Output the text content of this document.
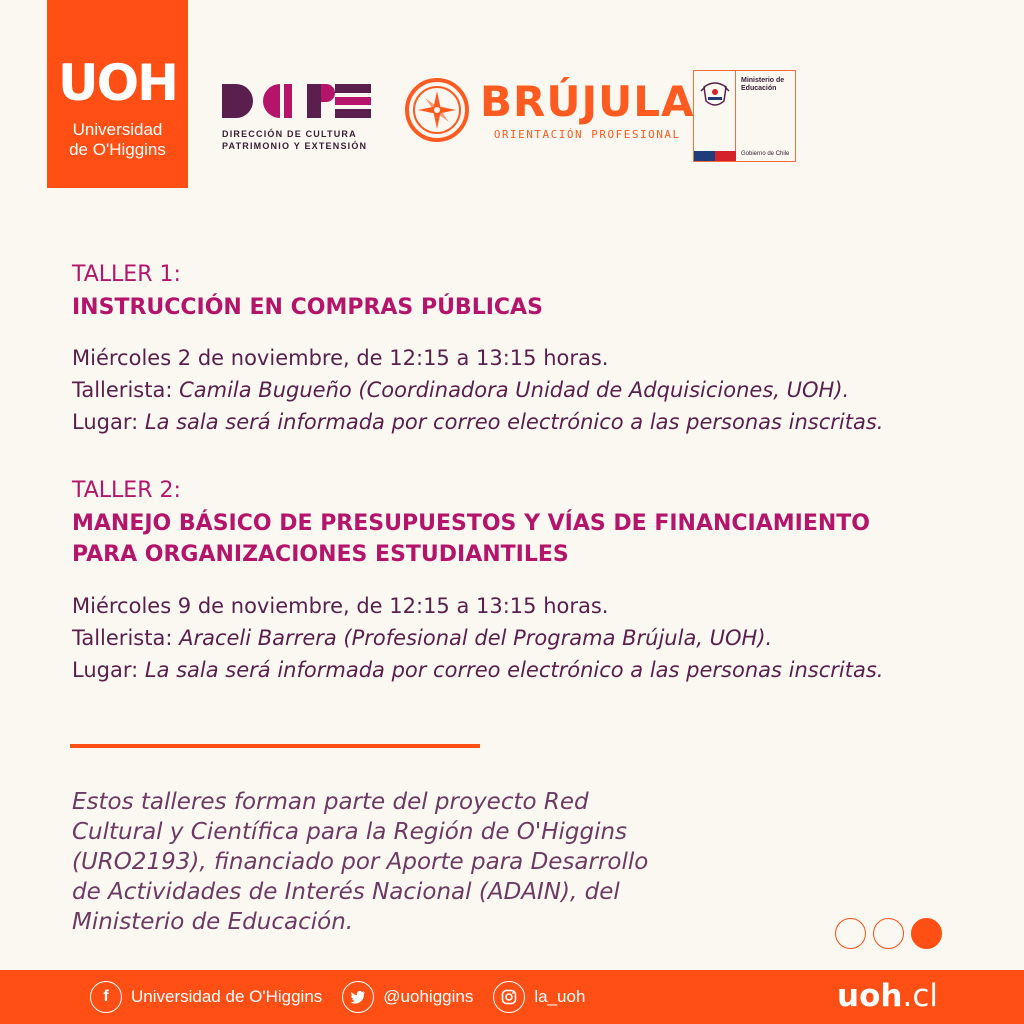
UOH
Universidad
de O'Higgins
DIRECCIÓN DE CULTURA
PATRIMONIO Y EXTENSIÓN
BRÚJULA
ORIENTACIÓN PROFESIONAL
Ministerio de
Educación
Gobierno de Chile
TALLER 1:
INSTRUCCIÓN EN COMPRAS PÚBLICAS
Miércoles 2 de noviembre, de 12:15 a 13:15 horas.
Tallerista: Camila Bugueño (Coordinadora Unidad de Adquisiciones, UOH).
Lugar: La sala será informada por correo electrónico a las personas inscritas.
TALLER 2:
MANEJO BÁSICO DE PRESUPUESTOS Y VÍAS DE FINANCIAMIENTO
PARA ORGANIZACIONES ESTUDIANTILES
Miércoles 9 de noviembre, de 12:15 a 13:15 horas.
Tallerista: Araceli Barrera (Profesional del Programa Brújula, UOH).
Lugar: La sala será informada por correo electrónico a las personas inscritas.
Estos talleres forman parte del proyecto Red
Cultural y Científica para la Región de O'Higgins
(URO2193), financiado por Aporte para Desarrollo
de Actividades de Interés Nacional (ADAIN), del
Ministerio de Educación.
f	Universidad de O'Higgins	@uohiggins	la_uoh	uoh.cl
